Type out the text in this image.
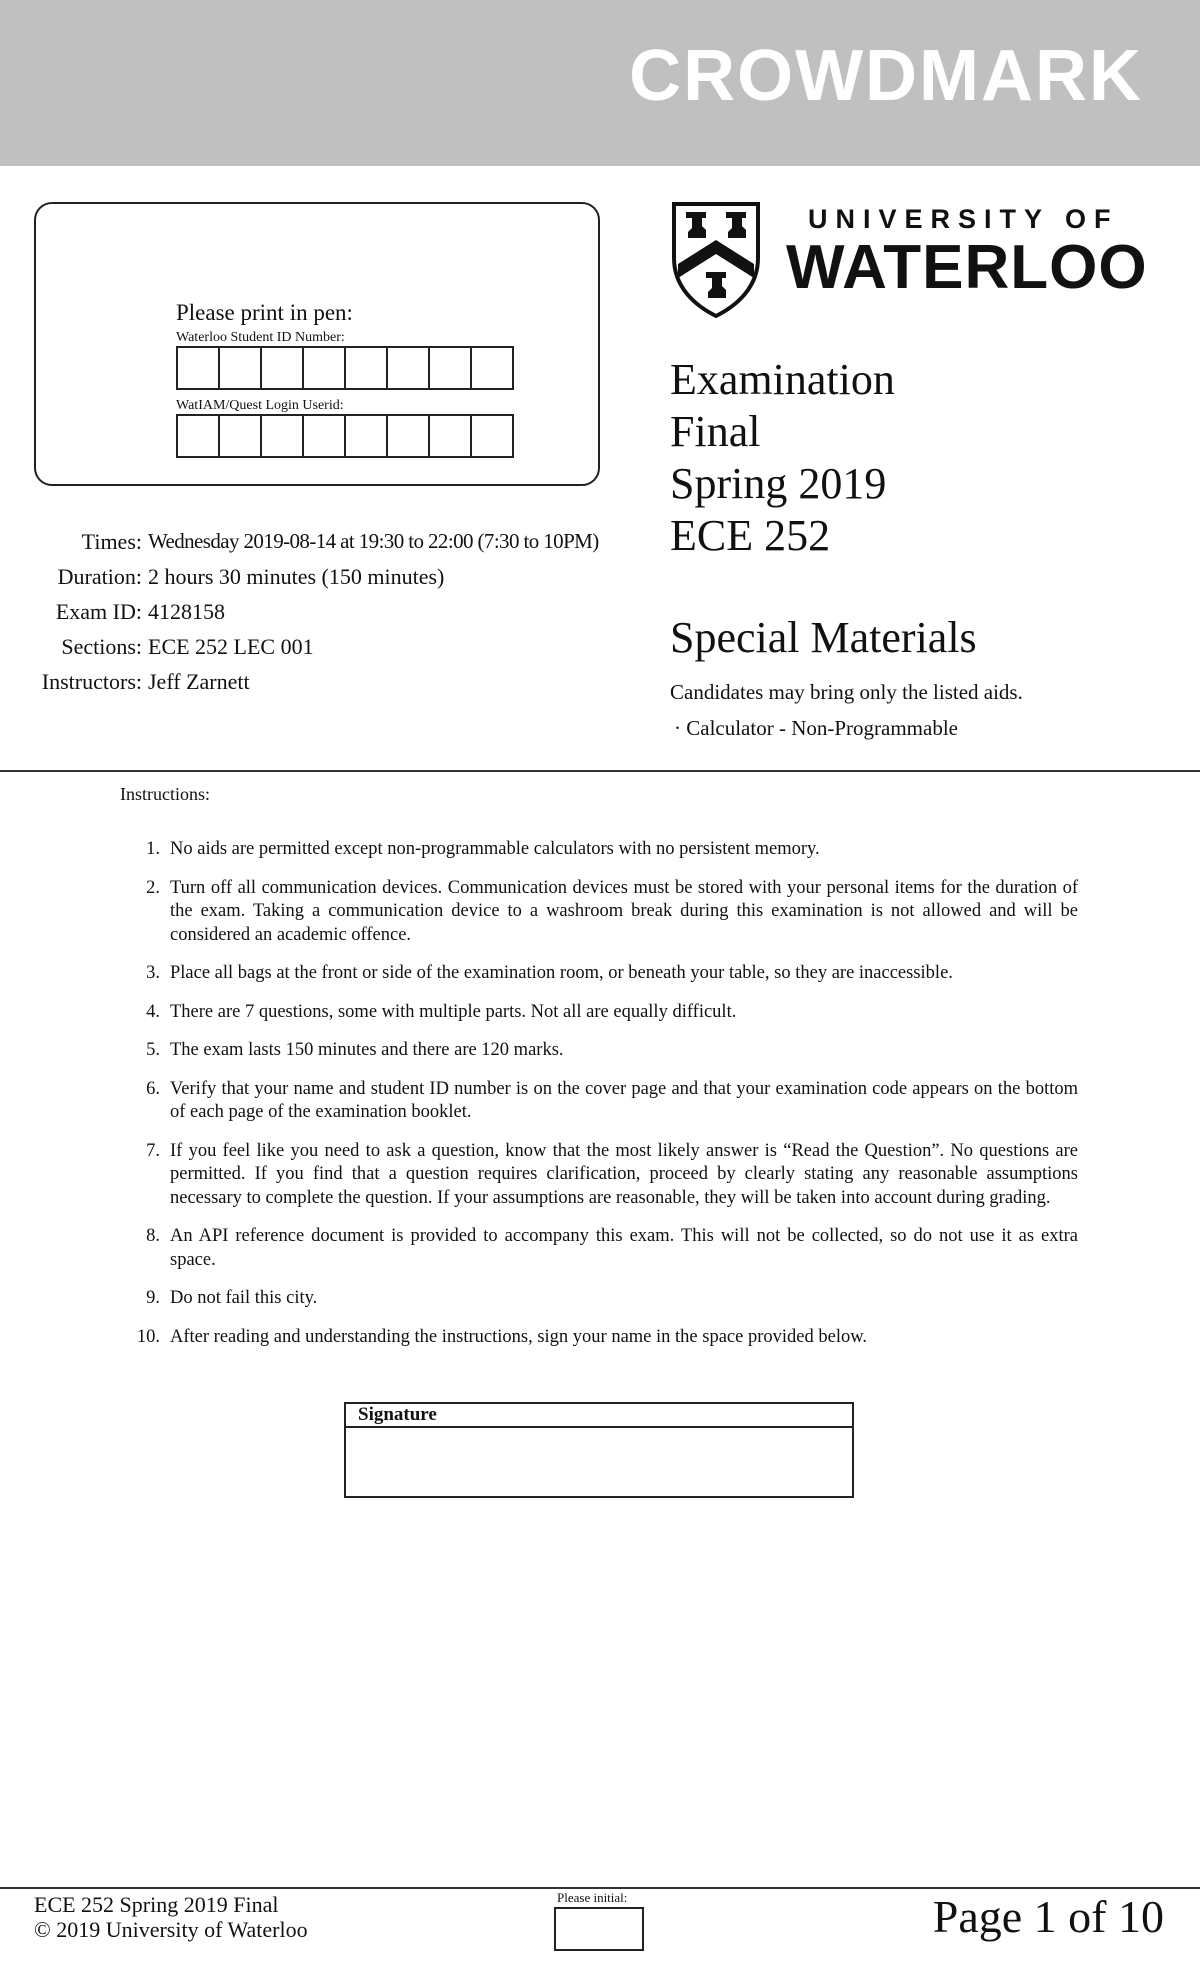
CROWDMARK
Please print in pen:
Waterloo Student ID Number:
WatIAM/Quest Login Userid:
Times: Wednesday 2019-08-14 at 19:30 to 22:00 (7:30 to 10PM)
Duration: 2 hours 30 minutes (150 minutes)
Exam ID: 4128158
Sections: ECE 252 LEC 001
Instructors: Jeff Zarnett
UNIVERSITY OF
WATERLOO
Examination
Final
Spring 2019
ECE 252
Special Materials
Candidates may bring only the listed aids.
· Calculator - Non-Programmable
Instructions:
1. No aids are permitted except non-programmable calculators with no persistent memory.
2. Turn off all communication devices. Communication devices must be stored with your personal items for the duration of the exam. Taking a communication device to a washroom break during this examination is not allowed and will be considered an academic offence.
3. Place all bags at the front or side of the examination room, or beneath your table, so they are inaccessible.
4. There are 7 questions, some with multiple parts. Not all are equally difficult.
5. The exam lasts 150 minutes and there are 120 marks.
6. Verify that your name and student ID number is on the cover page and that your examination code appears on the bottom of each page of the examination booklet.
7. If you feel like you need to ask a question, know that the most likely answer is “Read the Question”. No questions are permitted. If you find that a question requires clarification, proceed by clearly stating any reasonable assumptions necessary to complete the question. If your assumptions are reasonable, they will be taken into account during grading.
8. An API reference document is provided to accompany this exam. This will not be collected, so do not use it as extra space.
9. Do not fail this city.
10. After reading and understanding the instructions, sign your name in the space provided below.
Signature
ECE 252 Spring 2019 Final
© 2019 University of Waterloo
Please initial:	Page 1 of 10
